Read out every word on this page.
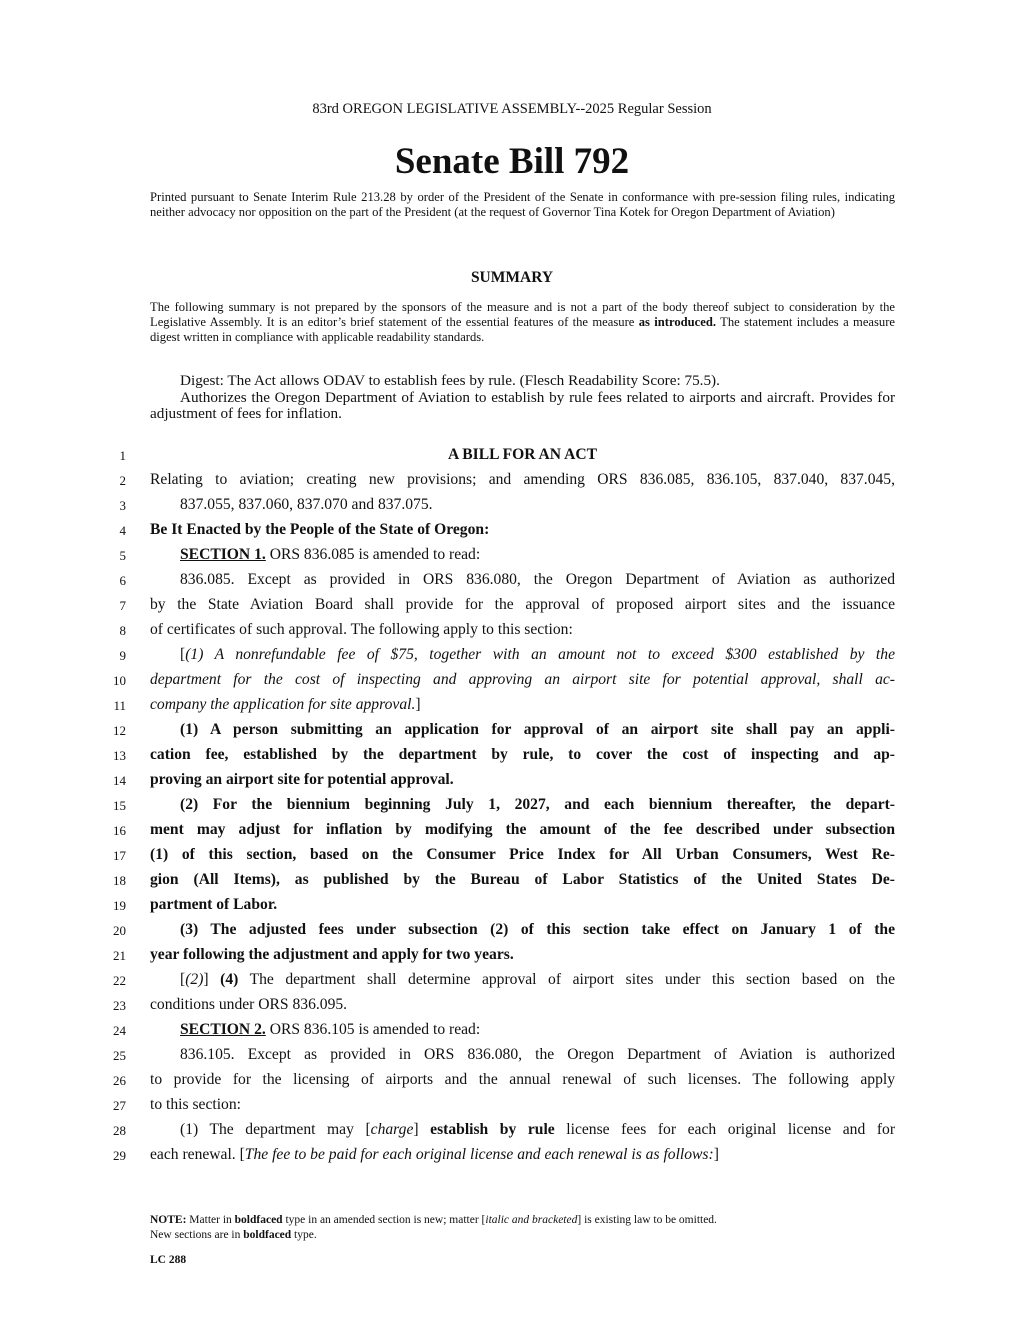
83rd OREGON LEGISLATIVE ASSEMBLY--2025 Regular Session
Senate Bill 792
Printed pursuant to Senate Interim Rule 213.28 by order of the President of the Senate in conformance with pre-session filing rules, indicating neither advocacy nor opposition on the part of the President (at the request of Governor Tina Kotek for Oregon Department of Aviation)
SUMMARY
The following summary is not prepared by the sponsors of the measure and is not a part of the body thereof subject to consideration by the Legislative Assembly. It is an editor’s brief statement of the essential features of the measure as introduced. The statement includes a measure digest written in compliance with applicable readability standards.
Digest: The Act allows ODAV to establish fees by rule. (Flesch Readability Score: 75.5).
Authorizes the Oregon Department of Aviation to establish by rule fees related to airports and aircraft. Provides for adjustment of fees for inflation.
1
2
3
4
5
6
7
8
9
10
11
12
13
14
15
16
17
18
19
20
21
22
23
24
25
26
27
28
29
A BILL FOR AN ACT
Relating to aviation; creating new provisions; and amending ORS 836.085, 836.105, 837.040, 837.045,
837.055, 837.060, 837.070 and 837.075.
Be It Enacted by the People of the State of Oregon:
SECTION 1. ORS 836.085 is amended to read:
836.085. Except as provided in ORS 836.080, the Oregon Department of Aviation as authorized
by the State Aviation Board shall provide for the approval of proposed airport sites and the issuance
of certificates of such approval. The following apply to this section:
[(1) A nonrefundable fee of $75, together with an amount not to exceed $300 established by the
department for the cost of inspecting and approving an airport site for potential approval, shall ac-
company the application for site approval.]
(1) A person submitting an application for approval of an airport site shall pay an appli-
cation fee, established by the department by rule, to cover the cost of inspecting and ap-
proving an airport site for potential approval.
(2) For the biennium beginning July 1, 2027, and each biennium thereafter, the depart-
ment may adjust for inflation by modifying the amount of the fee described under subsection
(1) of this section, based on the Consumer Price Index for All Urban Consumers, West Re-
gion (All Items), as published by the Bureau of Labor Statistics of the United States De-
partment of Labor.
(3) The adjusted fees under subsection (2) of this section take effect on January 1 of the
year following the adjustment and apply for two years.
[(2)] (4) The department shall determine approval of airport sites under this section based on the
conditions under ORS 836.095.
SECTION 2. ORS 836.105 is amended to read:
836.105. Except as provided in ORS 836.080, the Oregon Department of Aviation is authorized
to provide for the licensing of airports and the annual renewal of such licenses. The following apply
to this section:
(1) The department may [charge] establish by rule license fees for each original license and for
each renewal. [The fee to be paid for each original license and each renewal is as follows:]
NOTE: Matter in boldfaced type in an amended section is new; matter [italic and bracketed] is existing law to be omitted.
New sections are in boldfaced type.
LC 288
